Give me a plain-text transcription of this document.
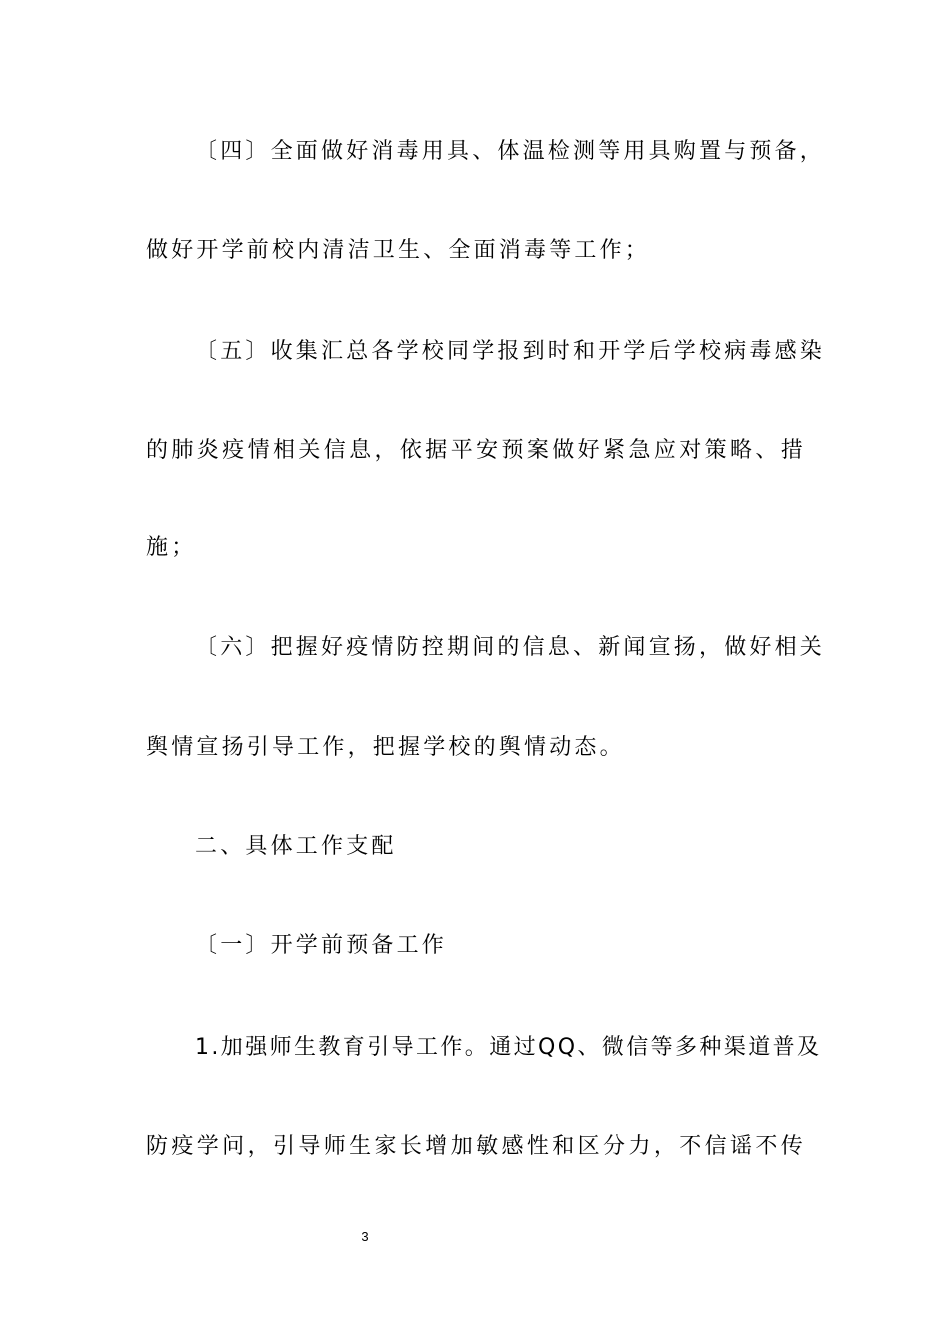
〔四〕全面做好消毒用具、体温检测等用具购置与预备，
做好开学前校内清洁卫生、全面消毒等工作；
〔五〕收集汇总各学校同学报到时和开学后学校病毒感染
的肺炎疫情相关信息，依据平安预案做好紧急应对策略、措
施；
〔六〕把握好疫情防控期间的信息、新闻宣扬，做好相关
舆情宣扬引导工作，把握学校的舆情动态。
二、具体工作支配
〔一〕开学前预备工作
1.加强师生教育引导工作。通过QQ、微信等多种渠道普及
防疫学问，引导师生家长增加敏感性和区分力，不信谣不传
3
